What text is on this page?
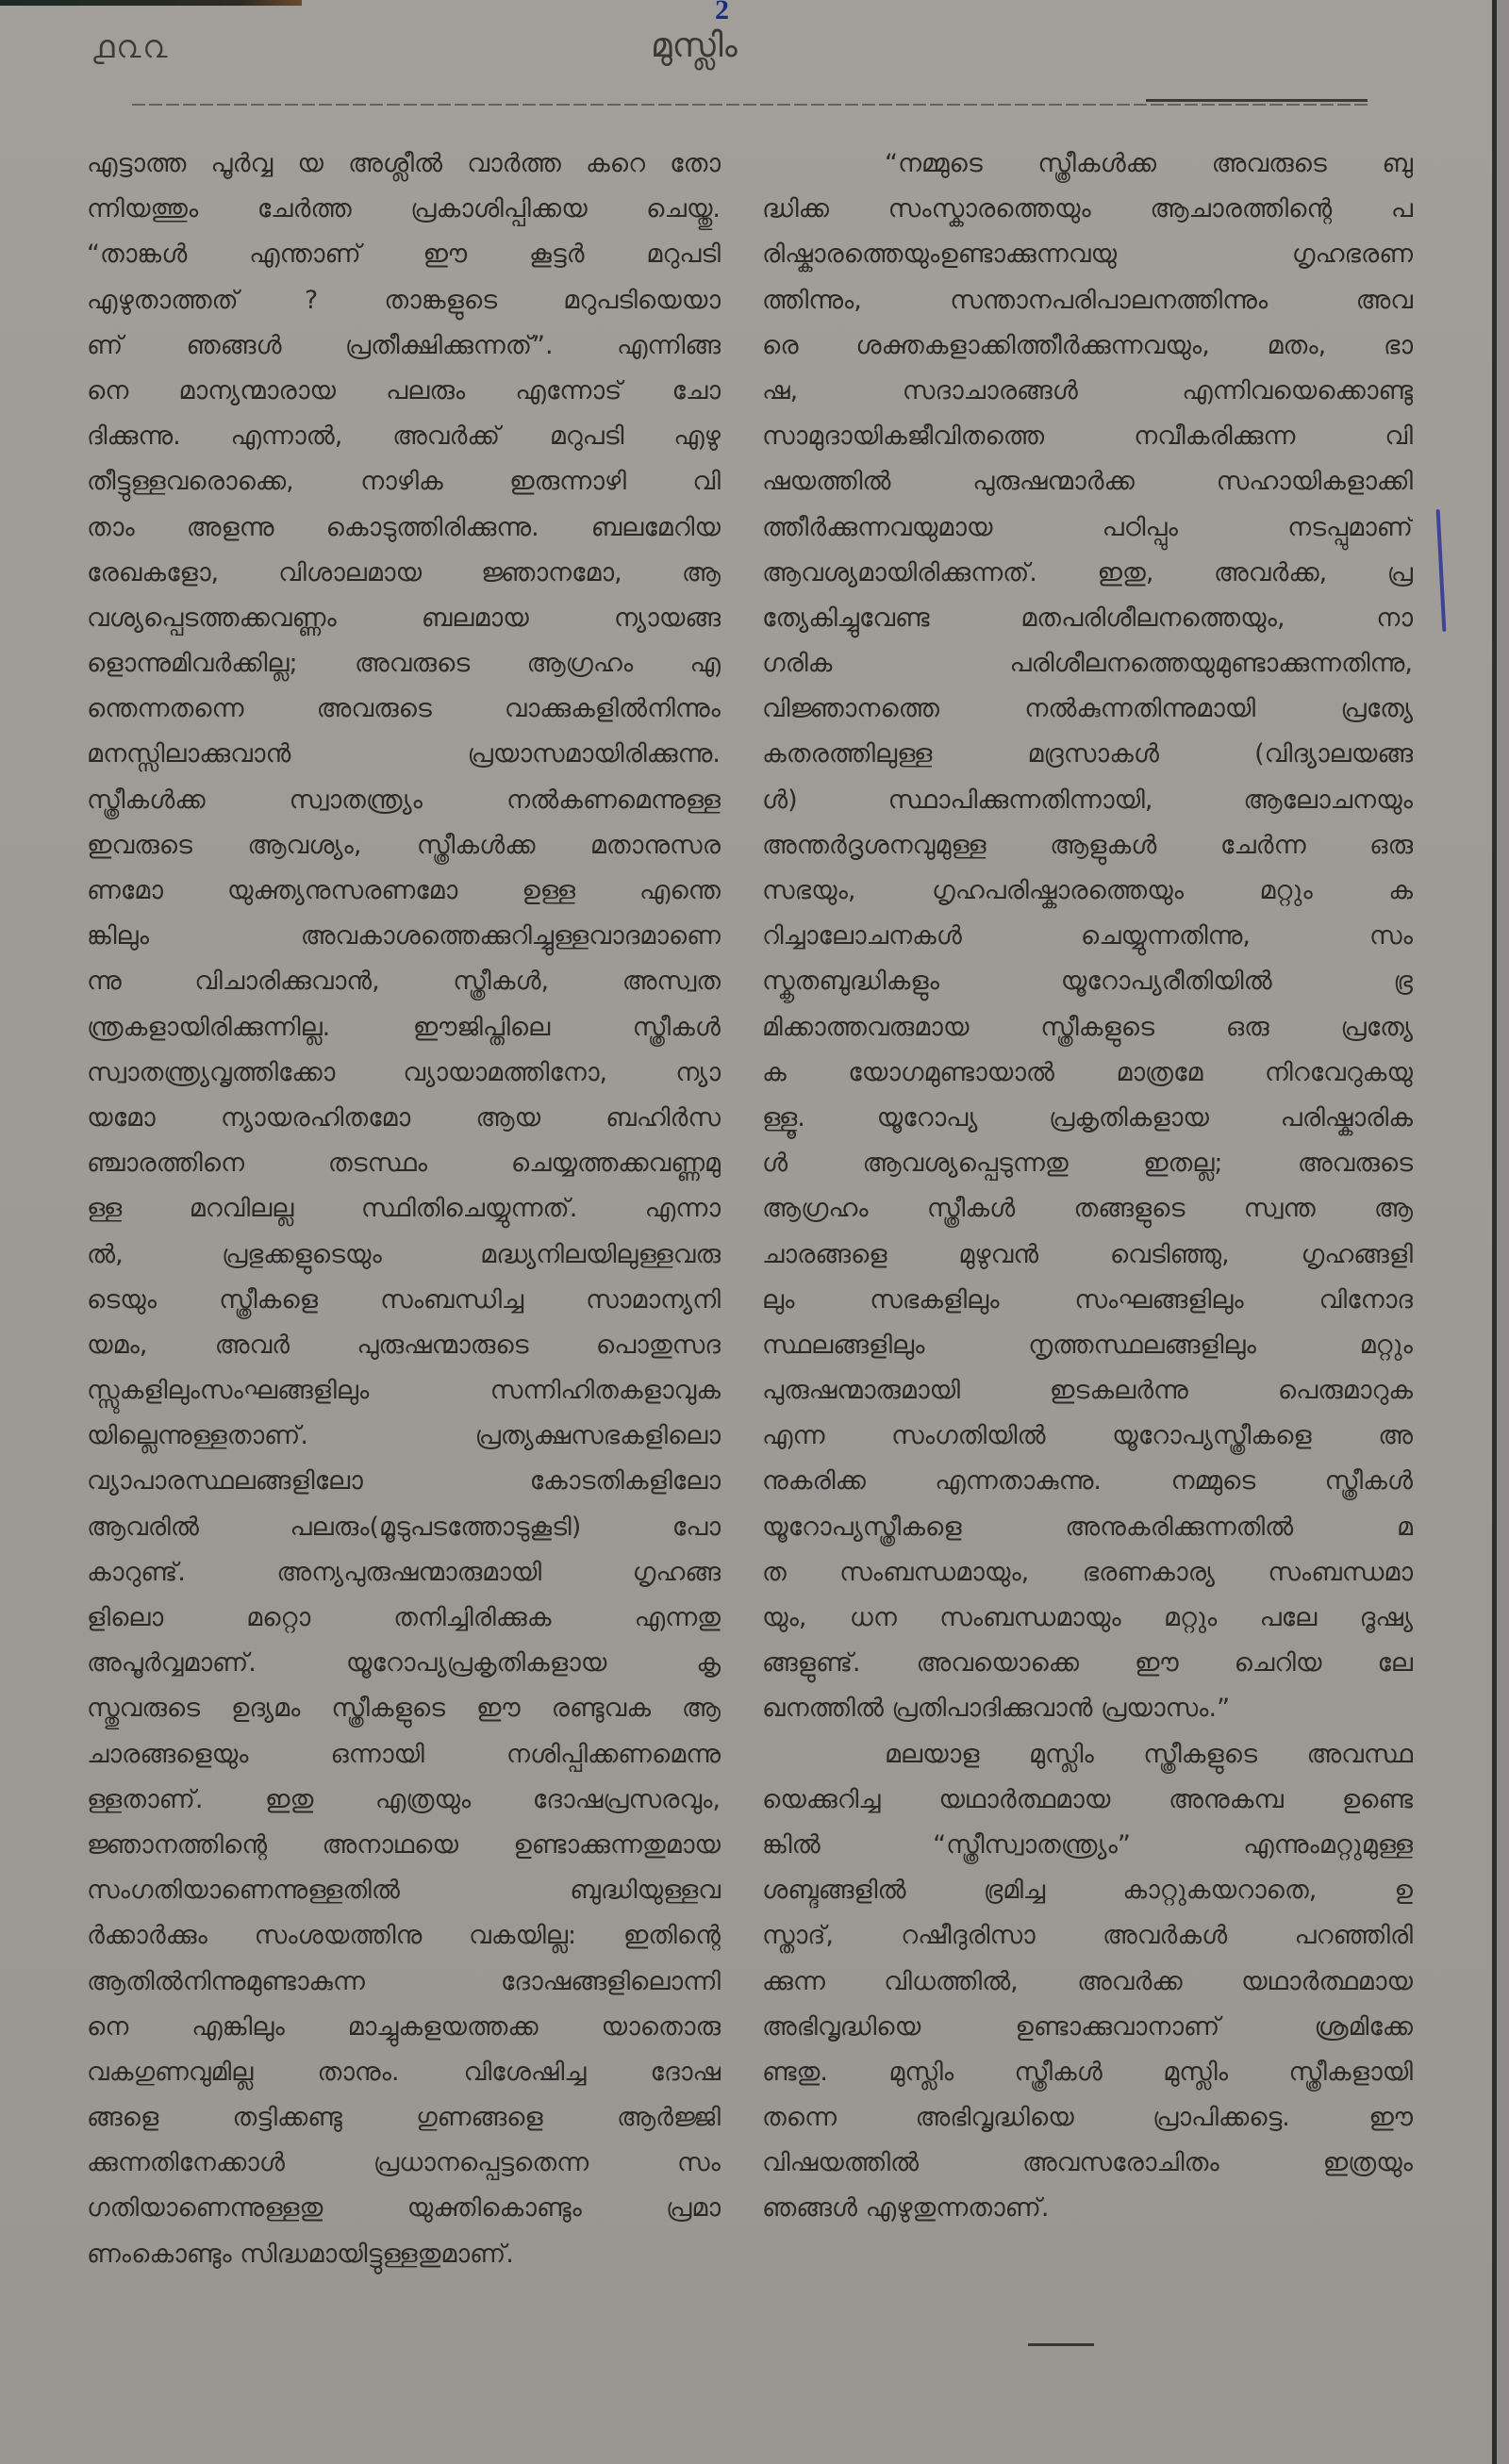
൧൨൨	മുസ്ലിം
2
എട്ടാത്ത പൂർവ്വ യ അശ്ലീൽ വാർത്ത കറെ തോ
ന്നിയത്തും ചേർത്ത പ്രകാശിപ്പിക്കയ ചെയ്തു.
“താങ്കൾ എന്താണ് ഈ കൂട്ടർ മറുപടി
എഴുതാത്തത് ? താങ്കളുടെ മറുപടിയെയാ
ണ് ഞങ്ങൾ പ്രതീക്ഷിക്കുന്നത്”. എന്നിങ്ങ
നെ മാന്യന്മാരായ പലരും എന്നോട് ചോ
ദിക്കുന്നു. എന്നാൽ, അവർക്ക് മറുപടി എഴു
തീട്ടുള്ളവരൊക്കെ, നാഴിക ഇരുന്നാഴി വി
താം അളന്നു കൊടുത്തിരിക്കുന്നു. ബലമേറിയ
രേഖകളോ, വിശാലമായ ജ്ഞാനമോ, ആ
വശ്യപ്പെടത്തക്കവണ്ണം ബലമായ ന്യായങ്ങ
ളൊന്നുമിവർക്കില്ല; അവരുടെ ആഗ്രഹം എ
ന്തെന്നതന്നെ അവരുടെ വാക്കുകളിൽനിന്നും
മനസ്സിലാക്കുവാൻ പ്രയാസമായിരിക്കുന്നു.
സ്ത്രീകൾക്ക സ്വാതന്ത്ര്യം നൽകണമെന്നുള്ള
ഇവരുടെ ആവശ്യം, സ്ത്രീകൾക്ക മതാനുസര
ണമോ യുക്ത്യനുസരണമോ ഉള്ള എന്തെ
ങ്കിലും അവകാശത്തെക്കുറിച്ചുള്ളവാദമാണെ
ന്നു വിചാരിക്കുവാൻ, സ്ത്രീകൾ, അസ്വത
ന്ത്രകളായിരിക്കുന്നില്ല. ഈജിപ്തിലെ സ്ത്രീകൾ
സ്വാതന്ത്ര്യവൃത്തിക്കോ വ്യായാമത്തിനോ, ന്യാ
യമോ ന്യായരഹിതമോ ആയ ബഹിർസ
ഞ്ചാരത്തിനെ തടസ്ഥം ചെയ്യത്തക്കവണ്ണമു
ള്ള മറവിലല്ല സ്ഥിതിചെയ്യുന്നത്. എന്നാ
ൽ, പ്രഭുക്കളുടെയും മദ്ധ്യനിലയിലുള്ളവരു
ടെയും സ്ത്രീകളെ സംബന്ധിച്ച സാമാന്യനി
യമം, അവർ പുരുഷന്മാരുടെ പൊതുസദ
സ്സുകളിലുംസംഘങ്ങളിലും സന്നിഹിതകളാവുക
യില്ലെന്നുള്ളതാണ്. പ്രത്യക്ഷസഭകളിലൊ
വ്യാപാരസ്ഥലങ്ങളിലോ കോടതികളിലോ
ആവരിൽ പലരും(മൂടുപടത്തോടുകൂടി) പോ
കാറുണ്ട്. അന്യപുരുഷന്മാരുമായി ഗൃഹങ്ങ
ളിലൊ മറ്റൊ തനിച്ചിരിക്കുക എന്നതു
അപൂർവ്വമാണ്. യൂറോപ്യപ്രകൃതികളായ കൃ
സ്തുവരുടെ ഉദ്യമം സ്ത്രീകളുടെ ഈ രണ്ടുവക ആ
ചാരങ്ങളെയും ഒന്നായി നശിപ്പിക്കണമെന്നു
ള്ളതാണ്. ഇതു എത്രയും ദോഷപ്രസരവും,
ജ്ഞാനത്തിന്റെ അനാഥയെ ഉണ്ടാക്കുന്നതുമായ
സംഗതിയാണെന്നുള്ളതിൽ ബുദ്ധിയുള്ളവ
ർക്കാർക്കും സംശയത്തിനു വകയില്ല: ഇതിന്റെ
ആതിൽനിന്നുമുണ്ടാകുന്ന ദോഷങ്ങളിലൊന്നി
നെ എങ്കിലും മാച്ചുകളയത്തക്ക യാതൊരു
വകഗുണവുമില്ല താനും. വിശേഷിച്ച ദോഷ
ങ്ങളെ തട്ടിക്കണ്ടു ഗുണങ്ങളെ ആർജ്ജി
ക്കുന്നതിനേക്കാൾ പ്രധാനപ്പെട്ടതെന്ന സം
ഗതിയാണെന്നുള്ളതു യുക്തികൊണ്ടും പ്രമാ
ണംകൊണ്ടും സിദ്ധമായിട്ടുള്ളതുമാണ്.
“നമ്മുടെ സ്ത്രീകൾക്ക അവരുടെ ബു
ദ്ധിക്ക സംസ്കാരത്തെയും ആചാരത്തിന്റെ പ
രിഷ്കാരത്തെയുംഉണ്ടാക്കുന്നവയു ഗൃഹഭരണ
ത്തിന്നും, സന്താനപരിപാലനത്തിന്നും അവ
രെ ശക്തകളാക്കിത്തീർക്കുന്നവയും, മതം, ഭാ
ഷ, സദാചാരങ്ങൾ എന്നിവയെക്കൊണ്ടു
സാമുദായികജീവിതത്തെ നവീകരിക്കുന്ന വി
ഷയത്തിൽ പുരുഷന്മാർക്ക സഹായികളാക്കി
ത്തീർക്കുന്നവയുമായ പഠിപ്പും നടപ്പുമാണ്
ആവശ്യമായിരിക്കുന്നത്. ഇതു, അവർക്ക, പ്ര
ത്യേകിച്ചുവേണ്ട മതപരിശീലനത്തെയും, നാ
ഗരിക പരിശീലനത്തെയുമുണ്ടാക്കുന്നതിന്നു,
വിജ്ഞാനത്തെ നൽകുന്നതിന്നുമായി പ്രത്യേ
കതരത്തിലുള്ള മദ്രസാകൾ (വിദ്യാലയങ്ങ
ൾ) സ്ഥാപിക്കുന്നതിന്നായി, ആലോചനയും
അന്തർദൃശനവുമുള്ള ആളുകൾ ചേർന്ന ഒരു
സഭയും, ഗൃഹപരിഷ്കാരത്തെയും മറ്റും ക
റിച്ചാലോചനകൾ ചെയ്യുന്നതിന്നു, സം
സ്കൃതബുദ്ധികളും യൂറോപ്യരീതിയിൽ ഭ്ര
മിക്കാത്തവരുമായ സ്ത്രീകളുടെ ഒരു പ്രത്യേ
ക യോഗമുണ്ടായാൽ മാത്രമേ നിറവേറുകയു
ള്ളൂ. യൂറോപ്യ പ്രകൃതികളായ പരിഷ്കാരിക
ൾ ആവശ്യപ്പെടുന്നതു ഇതല്ല; അവരുടെ
ആഗ്രഹം സ്ത്രീകൾ തങ്ങളുടെ സ്വന്ത ആ
ചാരങ്ങളെ മുഴുവൻ വെടിഞ്ഞു, ഗൃഹങ്ങളി
ലും സഭകളിലും സംഘങ്ങളിലും വിനോദ
സ്ഥലങ്ങളിലും നൃത്തസ്ഥലങ്ങളിലും മറ്റും
പുരുഷന്മാരുമായി ഇടകലർന്നു പെരുമാറുക
എന്ന സംഗതിയിൽ യൂറോപ്യസ്ത്രീകളെ അ
നുകരിക്ക എന്നതാകുന്നു. നമ്മുടെ സ്ത്രീകൾ
യൂറോപ്യസ്ത്രീകളെ അനുകരിക്കുന്നതിൽ മ
ത സംബന്ധമായും, ഭരണകാര്യ സംബന്ധമാ
യും, ധന സംബന്ധമായും മറ്റും പലേ ദൂഷ്യ
ങ്ങളുണ്ട്. അവയൊക്കെ ഈ ചെറിയ ലേ
ഖനത്തിൽ പ്രതിപാദിക്കുവാൻ പ്രയാസം.”
മലയാള മുസ്ലിം സ്ത്രീകളുടെ അവസ്ഥ
യെക്കുറിച്ച യഥാർത്ഥമായ അനുകമ്പ ഉണ്ടെ
ങ്കിൽ “സ്ത്രീസ്വാതന്ത്ര്യം” എന്നുംമറ്റുമുള്ള
ശബ്ദങ്ങളിൽ ഭ്രമിച്ച കാറ്റുകയറാതെ, ഉ
സ്താദ്, റഷീദുരിസാ അവർകൾ പറഞ്ഞിരി
ക്കുന്ന വിധത്തിൽ, അവർക്ക യഥാർത്ഥമായ
അഭിവൃദ്ധിയെ ഉണ്ടാക്കുവാനാണ് ശ്രമിക്കേ
ണ്ടതു. മുസ്ലിം സ്ത്രീകൾ മുസ്ലിം സ്ത്രീകളായി
തന്നെ അഭിവൃദ്ധിയെ പ്രാപിക്കട്ടെ. ഈ
വിഷയത്തിൽ അവസരോചിതം ഇത്രയും
ഞങ്ങൾ എഴുതുന്നതാണ്.
